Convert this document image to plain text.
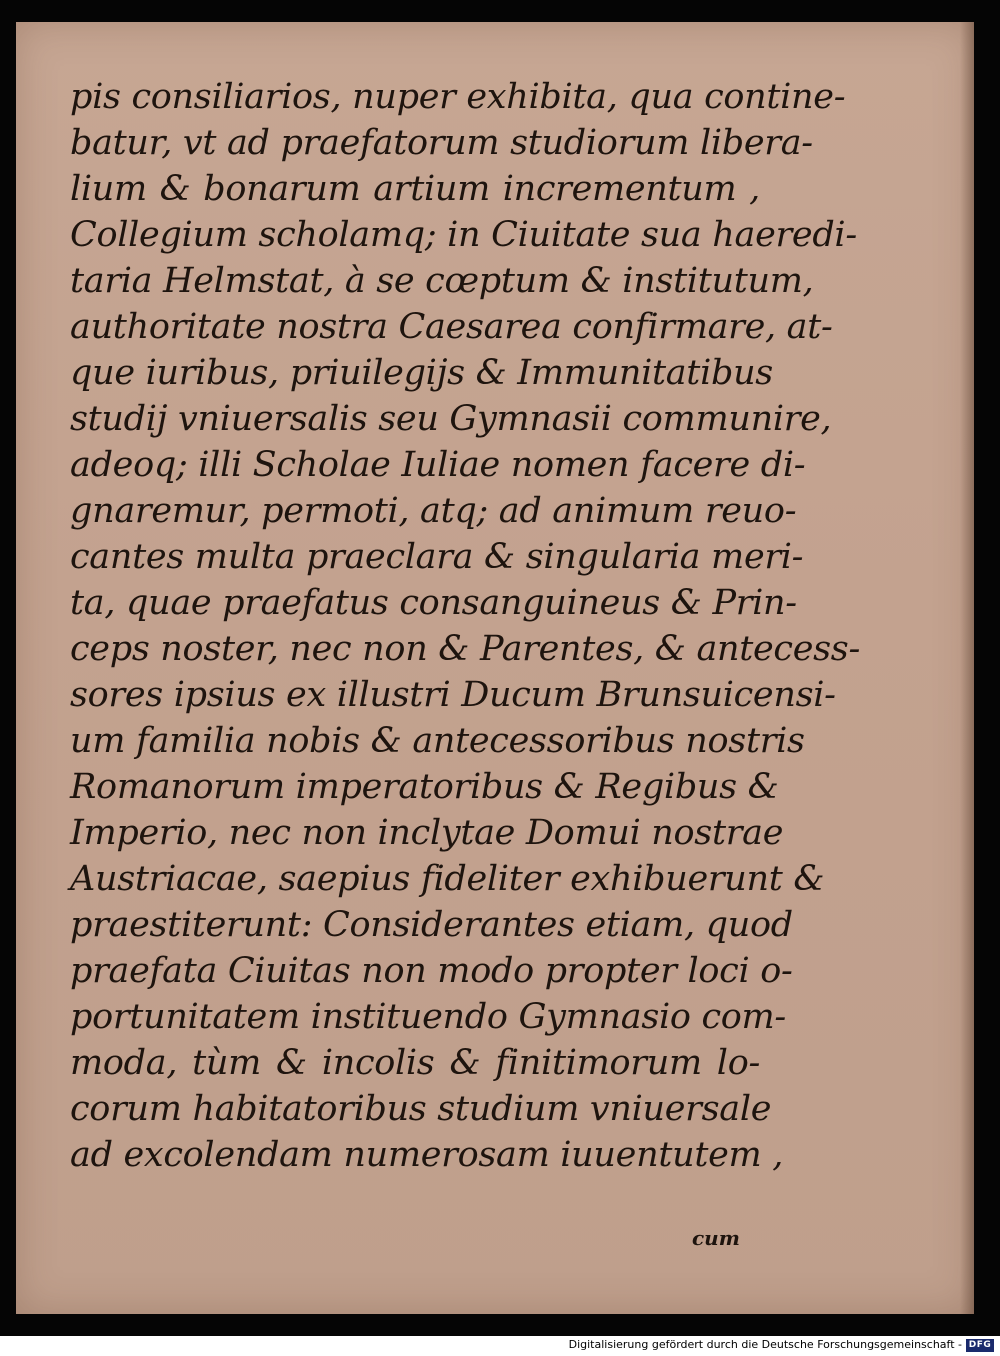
pis consiliarios, nuper exhibita, qua contine-
batur, vt ad praefatorum studiorum libera-
lium & bonarum artium incrementum ,
Collegium scholamq; in Ciuitate sua haeredi-
taria Helmstat, à se cœptum & institutum,
authoritate nostra Caesarea confirmare, at-
que iuribus, priuilegijs & Immunitatibus
studij vniuersalis seu Gymnasii communire,
adeoq; illi Scholae Iuliae nomen facere di-
gnaremur, permoti, atq; ad animum reuo-
cantes multa praeclara & singularia meri-
ta, quae praefatus consanguineus & Prin-
ceps noster, nec non & Parentes, & antecess-
sores ipsius ex illustri Ducum Brunsuicensi-
um familia nobis & antecessoribus nostris
Romanorum imperatoribus & Regibus &
Imperio, nec non inclytae Domui nostrae
Austriacae, saepius fideliter exhibuerunt &
praestiterunt: Considerantes etiam, quod
praefata Ciuitas non modo propter loci o-
portunitatem instituendo Gymnasio com-
moda, tùm & incolis & finitimorum lo-
corum habitatoribus studium vniuersale
ad excolendam numerosam iuuentutem ,
cum
Digitalisierung gefördert durch die Deutsche Forschungsgemeinschaft - DFG
